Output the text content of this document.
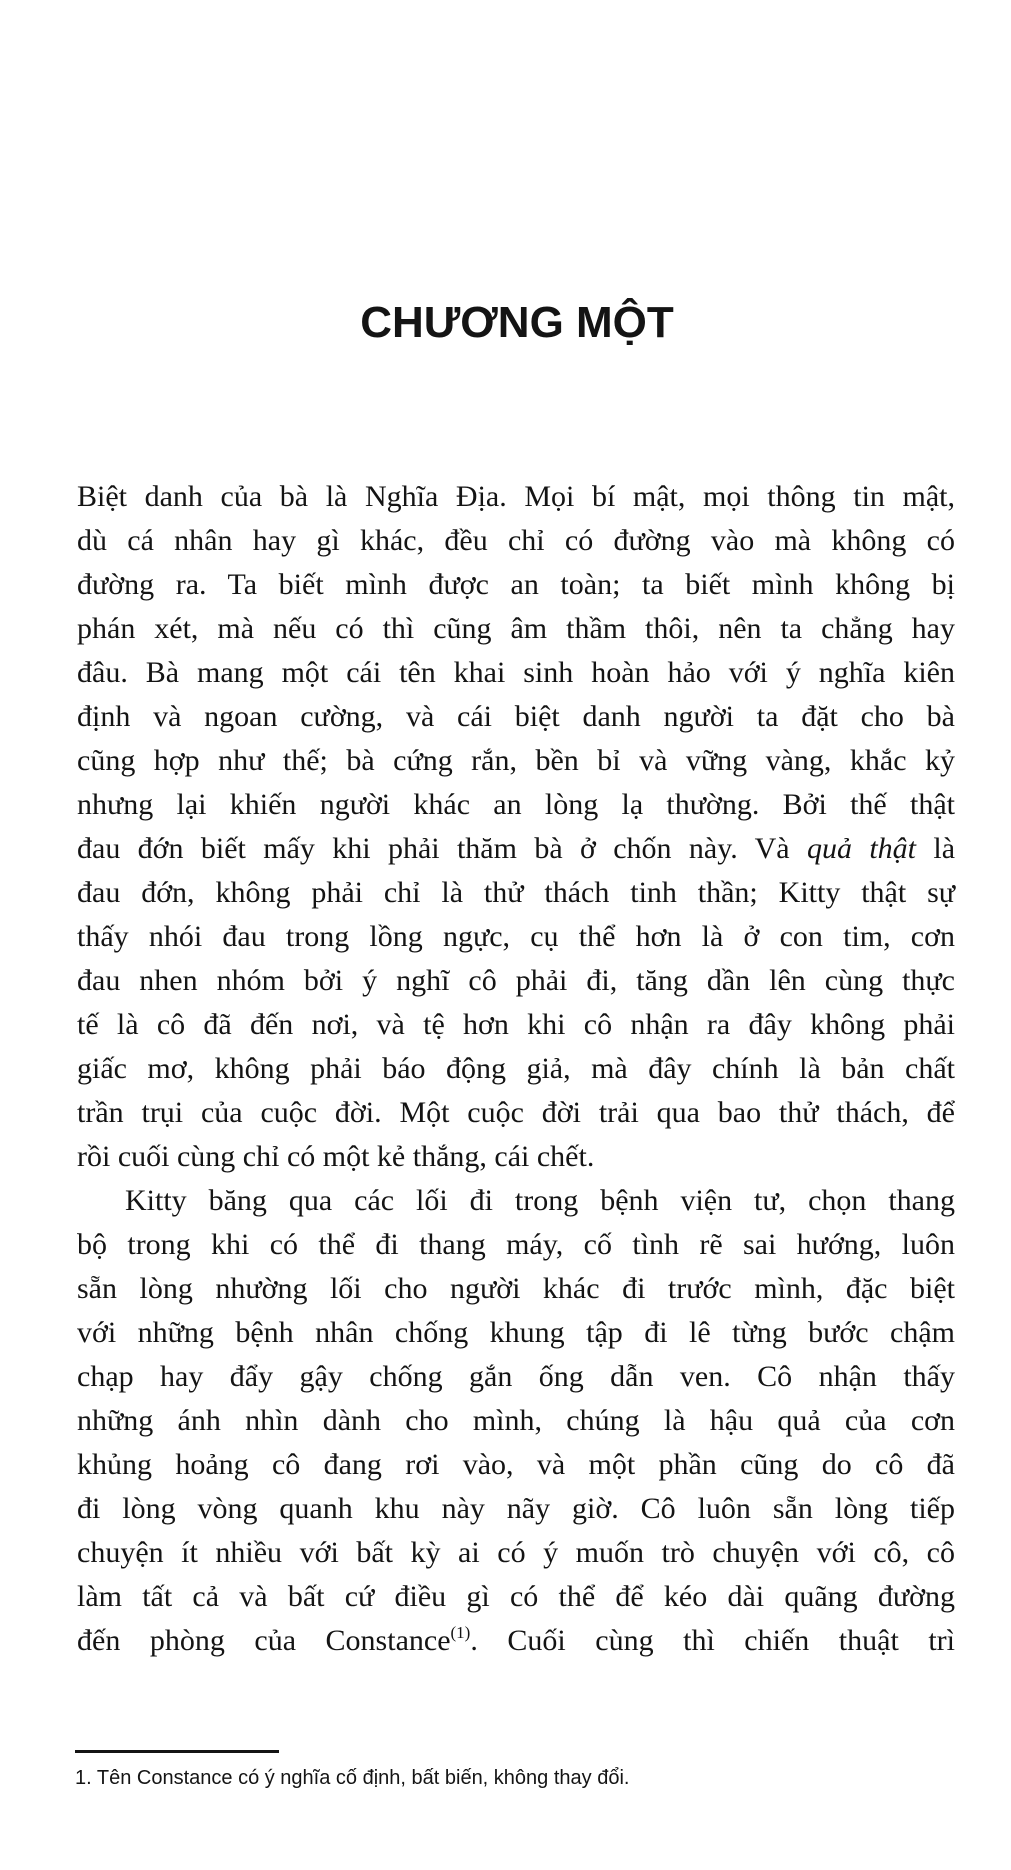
CHƯƠNG MỘT
Biệt danh của bà là Nghĩa Địa. Mọi bí mật, mọi thông tin mật,
dù cá nhân hay gì khác, đều chỉ có đường vào mà không có
đường ra. Ta biết mình được an toàn; ta biết mình không bị
phán xét, mà nếu có thì cũng âm thầm thôi, nên ta chẳng hay
đâu. Bà mang một cái tên khai sinh hoàn hảo với ý nghĩa kiên
định và ngoan cường, và cái biệt danh người ta đặt cho bà
cũng hợp như thế; bà cứng rắn, bền bỉ và vững vàng, khắc kỷ
nhưng lại khiến người khác an lòng lạ thường. Bởi thế thật
đau đớn biết mấy khi phải thăm bà ở chốn này. Và quả thật là
đau đớn, không phải chỉ là thử thách tinh thần; Kitty thật sự
thấy nhói đau trong lồng ngực, cụ thể hơn là ở con tim, cơn
đau nhen nhóm bởi ý nghĩ cô phải đi, tăng dần lên cùng thực
tế là cô đã đến nơi, và tệ hơn khi cô nhận ra đây không phải
giấc mơ, không phải báo động giả, mà đây chính là bản chất
trần trụi của cuộc đời. Một cuộc đời trải qua bao thử thách, để
rồi cuối cùng chỉ có một kẻ thắng, cái chết.
Kitty băng qua các lối đi trong bệnh viện tư, chọn thang
bộ trong khi có thể đi thang máy, cố tình rẽ sai hướng, luôn
sẵn lòng nhường lối cho người khác đi trước mình, đặc biệt
với những bệnh nhân chống khung tập đi lê từng bước chậm
chạp hay đẩy gậy chống gắn ống dẫn ven. Cô nhận thấy
những ánh nhìn dành cho mình, chúng là hậu quả của cơn
khủng hoảng cô đang rơi vào, và một phần cũng do cô đã
đi lòng vòng quanh khu này nãy giờ. Cô luôn sẵn lòng tiếp
chuyện ít nhiều với bất kỳ ai có ý muốn trò chuyện với cô, cô
làm tất cả và bất cứ điều gì có thể để kéo dài quãng đường
đến phòng của Constance$^{(1)}$. Cuối cùng thì chiến thuật trì
1. Tên Constance có ý nghĩa cố định, bất biến, không thay đổi.
